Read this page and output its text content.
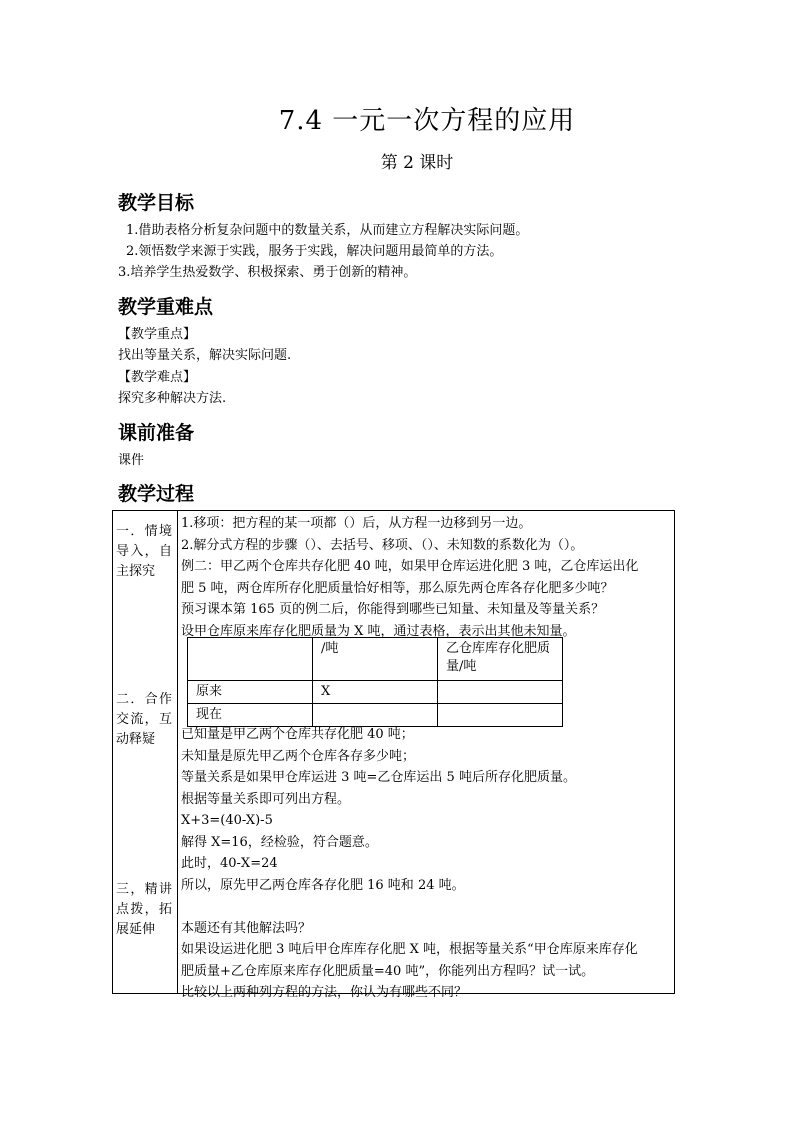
7.4 一元一次方程的应用
第 2 课时
教学目标
1.借助表格分析复杂问题中的数量关系，从而建立方程解决实际问题。
2.领悟数学来源于实践，服务于实践，解决问题用最简单的方法。
3.培养学生热爱数学、积极探索、勇于创新的精神。
教学重难点
【教学重点】
找出等量关系，解决实际问题.
【教学难点】
探究多种解决方法.
课前准备
课件
教学过程
一．情境导入，自主探究
二．合作交流，互动释疑
三，精讲点拨，拓展延伸
1.移项：把方程的某一项都（）后，从方程一边移到另一边。
2.解分式方程的步骤（）、去括号、移项、（）、未知数的系数化为（）。
例二：甲乙两个仓库共存化肥 40 吨，如果甲仓库运进化肥 3 吨，乙仓库运出化
肥 5 吨，两仓库所存化肥质量恰好相等，那么原先两仓库各存化肥多少吨？
预习课本第 165 页的例二后，你能得到哪些已知量、未知量及等量关系？
设甲仓库原来库存化肥质量为 X 吨，通过表格，表示出其他未知量。
	/吨	乙仓库库存化肥质量/吨
原来	X	
现在		
已知量是甲乙两个仓库共存化肥 40 吨；
未知量是原先甲乙两个仓库各存多少吨；
等量关系是如果甲仓库运进 3 吨=乙仓库运出 5 吨后所存化肥质量。
根据等量关系即可列出方程。
X+3=(40-X)-5
解得 X=16，经检验，符合题意。
此时，40-X=24
所以，原先甲乙两仓库各存化肥 16 吨和 24 吨。
本题还有其他解法吗？
如果设运进化肥 3 吨后甲仓库库存化肥 X 吨，根据等量关系“甲仓库原来库存化
肥质量+乙仓库原来库存化肥质量=40 吨”，你能列出方程吗？试一试。
比较以上两种列方程的方法，你认为有哪些不同？
